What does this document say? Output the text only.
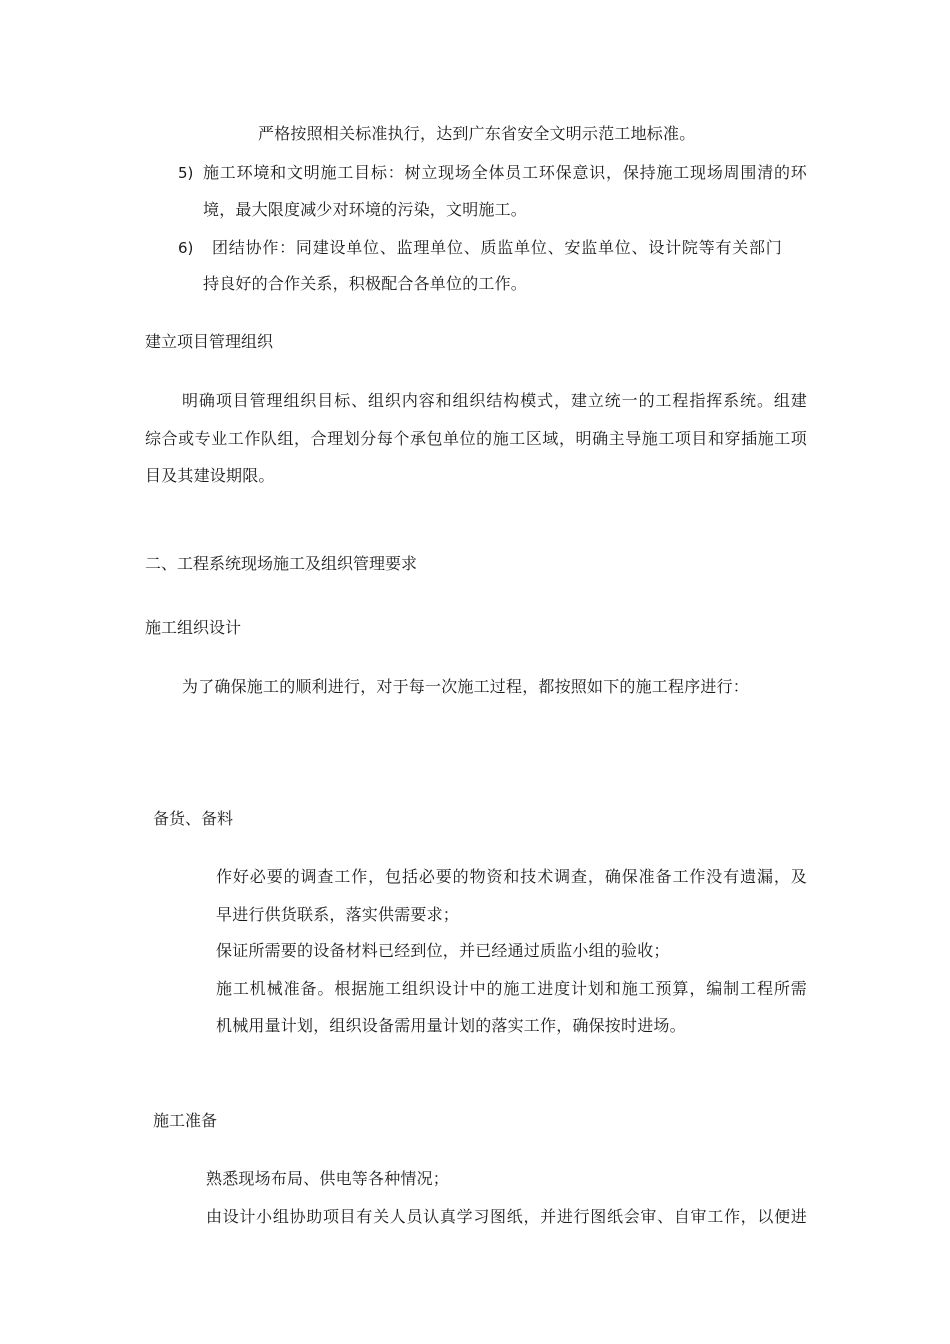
严格按照相关标准执行，达到广东省安全文明示范工地标准。
5) 施工环境和文明施工目标：树立现场全体员工环保意识，保持施工现场周围清的环
境，最大限度减少对环境的污染，文明施工。
6) 团结协作：同建设单位、监理单位、质监单位、安监单位、设计院等有关部门
持良好的合作关系，积极配合各单位的工作。
建立项目管理组织
明确项目管理组织目标、组织内容和组织结构模式，建立统一的工程指挥系统。组建
综合或专业工作队组，合理划分每个承包单位的施工区域，明确主导施工项目和穿插施工项
目及其建设期限。
二、工程系统现场施工及组织管理要求
施工组织设计
为了确保施工的顺利进行，对于每一次施工过程，都按照如下的施工程序进行：
备货、备料
作好必要的调查工作，包括必要的物资和技术调查，确保准备工作没有遗漏，及
早进行供货联系，落实供需要求；
保证所需要的设备材料已经到位，并已经通过质监小组的验收；
施工机械准备。根据施工组织设计中的施工进度计划和施工预算，编制工程所需
机械用量计划，组织设备需用量计划的落实工作，确保按时进场。
施工准备
熟悉现场布局、供电等各种情况；
由设计小组协助项目有关人员认真学习图纸，并进行图纸会审、自审工作，以便进
